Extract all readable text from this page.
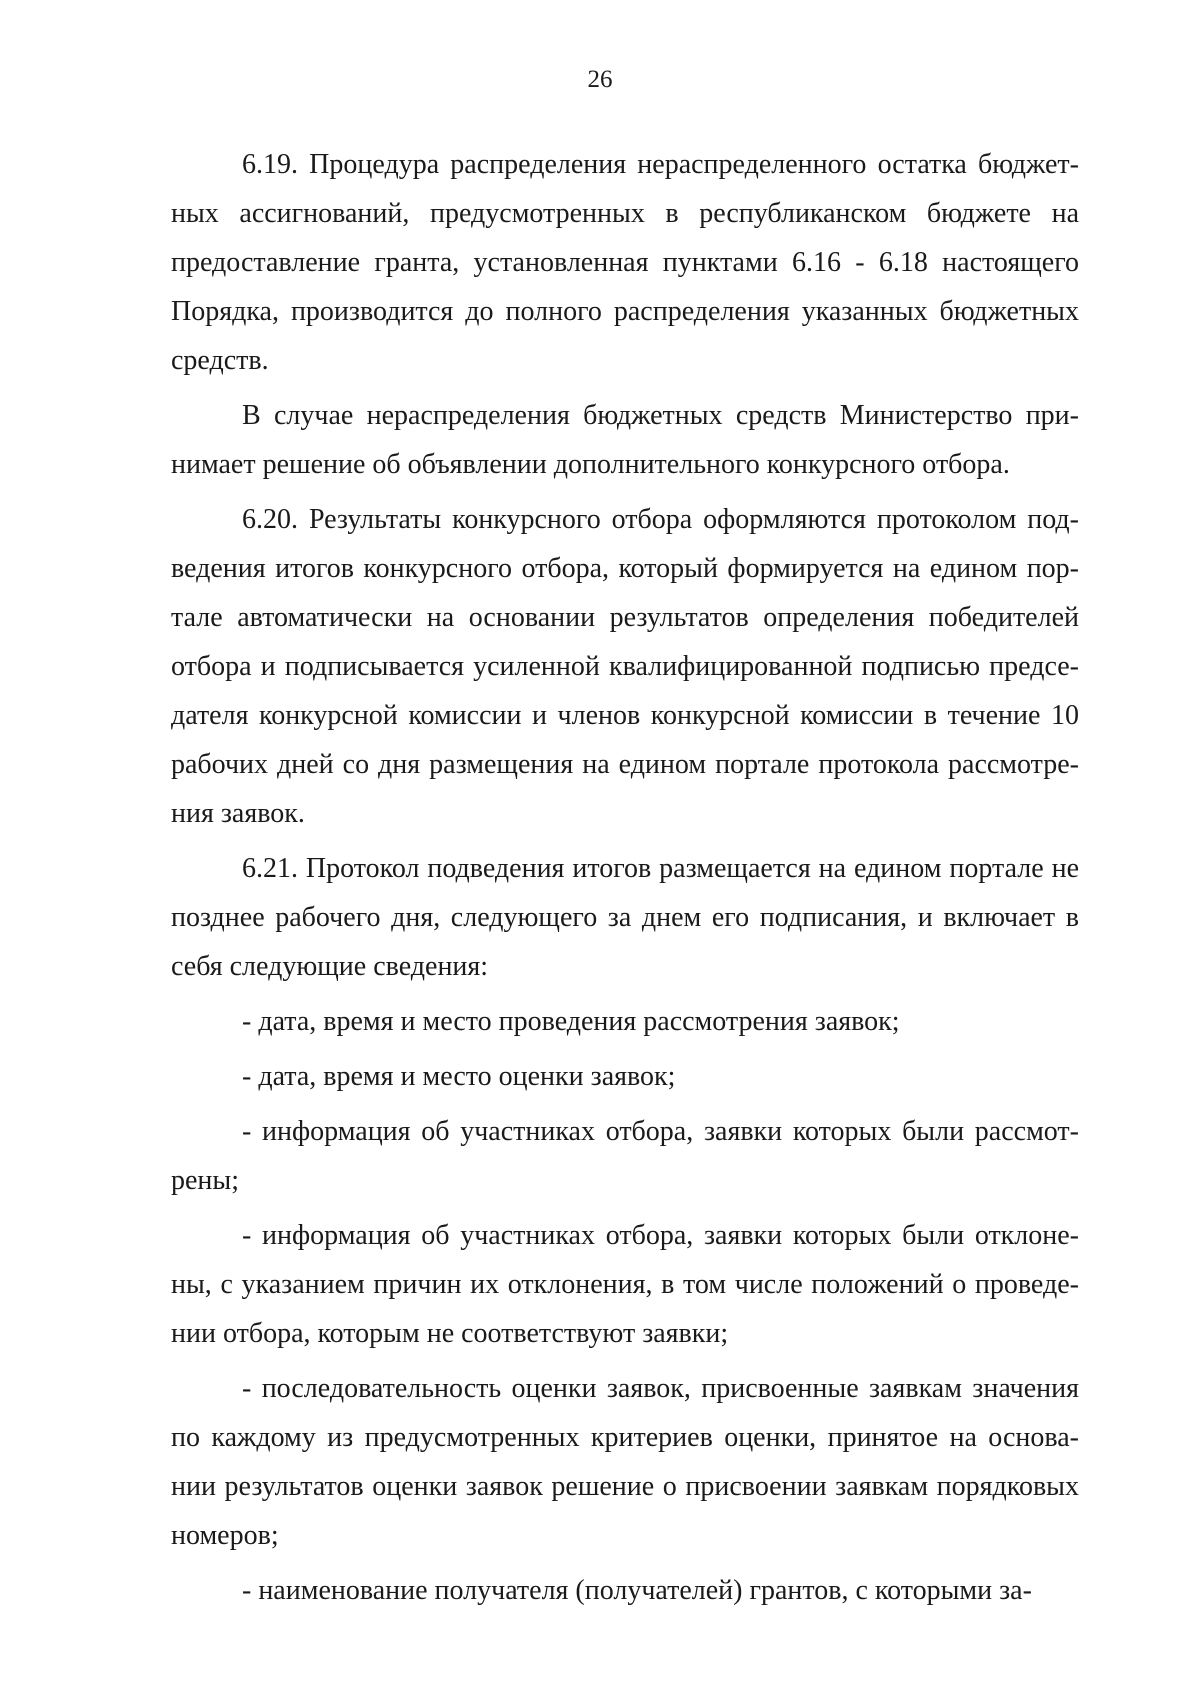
26

6.19. Процедура распределения нераспределенного остатка бюджетных ассигнований, предусмотренных в республиканском бюджете на предоставление гранта, установленная пунктами 6.16 - 6.18 настоящего Порядка, производится до полного распределения указанных бюджетных средств.

В случае нераспределения бюджетных средств Министерство принимает решение об объявлении дополнительного конкурсного отбора.

6.20. Результаты конкурсного отбора оформляются протоколом подведения итогов конкурсного отбора, который формируется на едином портале автоматически на основании результатов определения победителей отбора и подписывается усиленной квалифицированной подписью председателя конкурсной комиссии и членов конкурсной комиссии в течение 10 рабочих дней со дня размещения на едином портале протокола рассмотрения заявок.

6.21. Протокол подведения итогов размещается на едином портале не позднее рабочего дня, следующего за днем его подписания, и включает в себя следующие сведения:

- дата, время и место проведения рассмотрения заявок;

- дата, время и место оценки заявок;

- информация об участниках отбора, заявки которых были рассмотрены;

- информация об участниках отбора, заявки которых были отклонены, с указанием причин их отклонения, в том числе положений о проведении отбора, которым не соответствуют заявки;

- последовательность оценки заявок, присвоенные заявкам значения по каждому из предусмотренных критериев оценки, принятое на основании результатов оценки заявок решение о присвоении заявкам порядковых номеров;

- наименование получателя (получателей) грантов, с которыми за-
